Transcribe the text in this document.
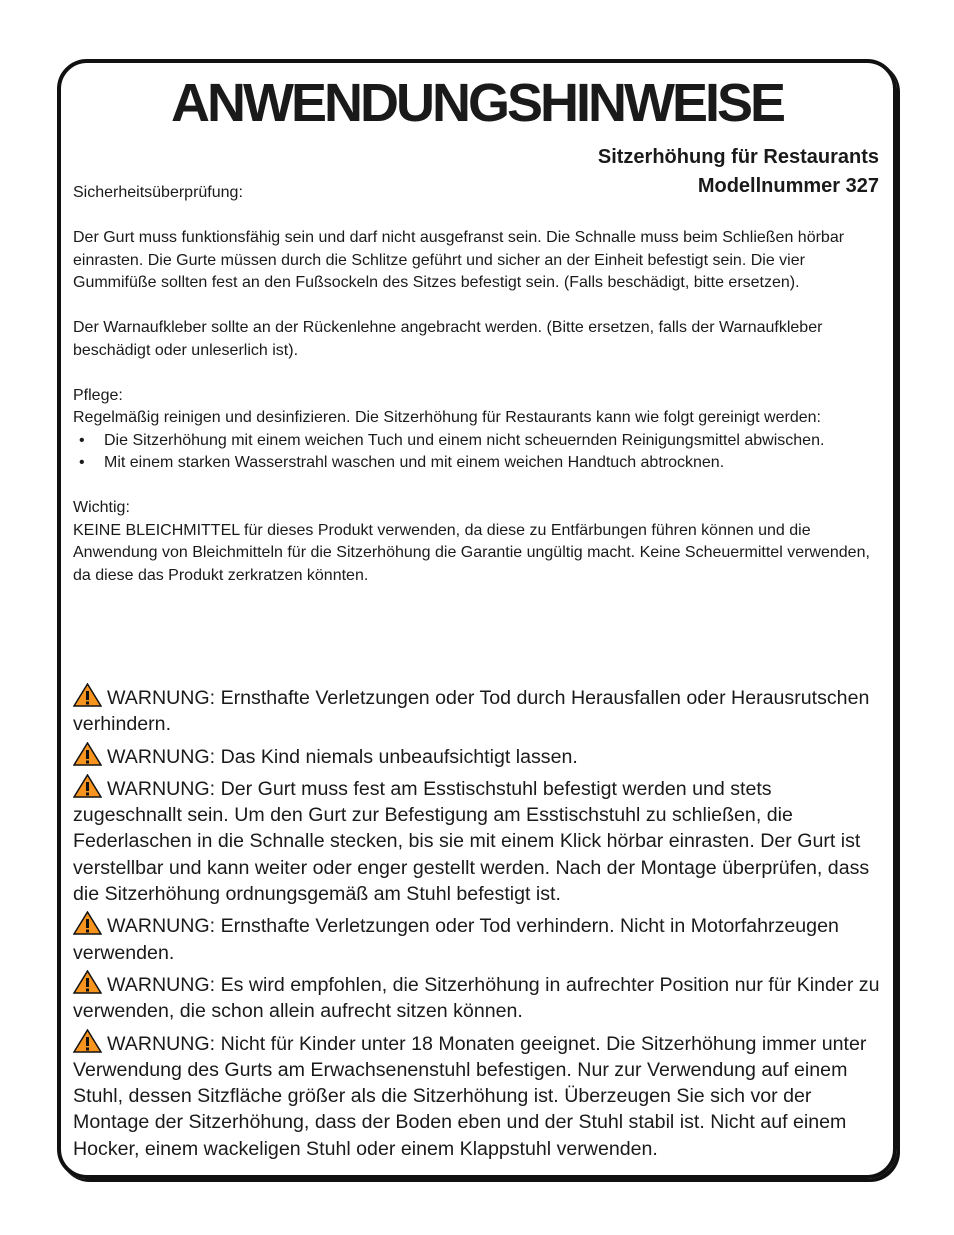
ANWENDUNGSHINWEISE
Sitzerhöhung für Restaurants
Modellnummer 327

Sicherheitsüberprüfung:

Der Gurt muss funktionsfähig sein und darf nicht ausgefranst sein. Die Schnalle muss beim Schließen hörbar einrasten. Die Gurte müssen durch die Schlitze geführt und sicher an der Einheit befestigt sein. Die vier Gummifüße sollten fest an den Fußsockeln des Sitzes befestigt sein. (Falls beschädigt, bitte ersetzen).

Der Warnaufkleber sollte an der Rückenlehne angebracht werden. (Bitte ersetzen, falls der Warnaufkleber beschädigt oder unleserlich ist).

Pflege:

Regelmäßig reinigen und desinfizieren. Die Sitzerhöhung für Restaurants kann wie folgt gereinigt werden:

• Die Sitzerhöhung mit einem weichen Tuch und einem nicht scheuernden Reinigungsmittel abwischen.
• Mit einem starken Wasserstrahl waschen und mit einem weichen Handtuch abtrocknen.

Wichtig:

KEINE BLEICHMITTEL für dieses Produkt verwenden, da diese zu Entfärbungen führen können und die Anwendung von Bleichmitteln für die Sitzerhöhung die Garantie ungültig macht. Keine Scheuermittel verwenden, da diese das Produkt zerkratzen könnten.

WARNUNG: Ernsthafte Verletzungen oder Tod durch Herausfallen oder Herausrutschen verhindern.

WARNUNG: Das Kind niemals unbeaufsichtigt lassen.

WARNUNG: Der Gurt muss fest am Esstischstuhl befestigt werden und stets zugeschnallt sein. Um den Gurt zur Befestigung am Esstischstuhl zu schließen, die Federlaschen in die Schnalle stecken, bis sie mit einem Klick hörbar einrasten. Der Gurt ist verstellbar und kann weiter oder enger gestellt werden. Nach der Montage überprüfen, dass die Sitzerhöhung ordnungsgemäß am Stuhl befestigt ist.

WARNUNG: Ernsthafte Verletzungen oder Tod verhindern. Nicht in Motorfahrzeugen verwenden.

WARNUNG: Es wird empfohlen, die Sitzerhöhung in aufrechter Position nur für Kinder zu verwenden, die schon allein aufrecht sitzen können.

WARNUNG: Nicht für Kinder unter 18 Monaten geeignet. Die Sitzerhöhung immer unter Verwendung des Gurts am Erwachsenenstuhl befestigen. Nur zur Verwendung auf einem Stuhl, dessen Sitzfläche größer als die Sitzerhöhung ist. Überzeugen Sie sich vor der Montage der Sitzerhöhung, dass der Boden eben und der Stuhl stabil ist. Nicht auf einem Hocker, einem wackeligen Stuhl oder einem Klappstuhl verwenden.
